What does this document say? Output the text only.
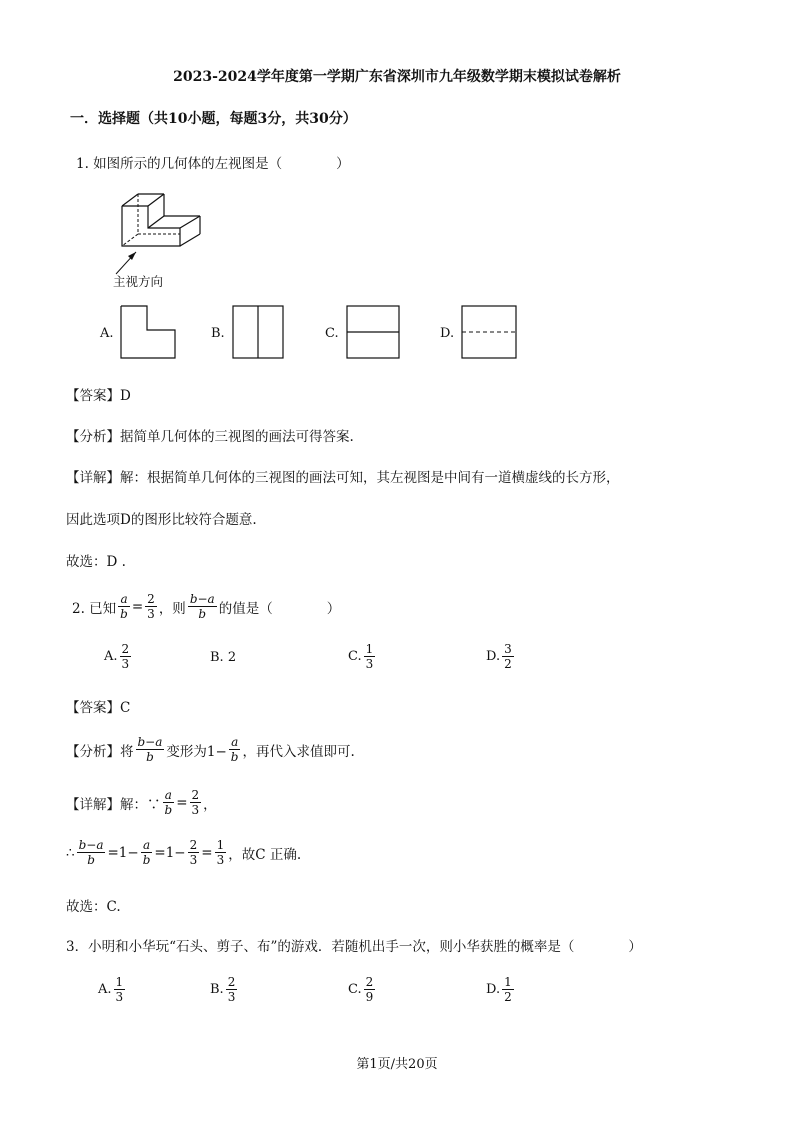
2023-2024学年度第一学期广东省深圳市九年级数学期末模拟试卷解析
一．选择题（共10小题，每题3分，共30分）
1. 如图所示的几何体的左视图是（　　　　）
主视方向
A.	B.	C.	D.
【答案】D
【分析】据简单几何体的三视图的画法可得答案.
【详解】解：根据简单几何体的三视图的画法可知，其左视图是中间有一道横虚线的长方形，
因此选项D的图形比较符合题意.
故选：D .
2. 已知 $\frac{a}{b} = \frac{2}{3}$ ，则 $\frac{b-a}{b}$ 的值是（　　　　）
A. $\frac{2}{3}$	B. 2	C. $\frac{1}{3}$	D. $\frac{3}{2}$
【答案】C
【分析】将 $\frac{b-a}{b}$ 变形为$1- \frac{a}{b}$ ，再代入求值即可.
【详解】解：∵ $\frac{a}{b} = \frac{2}{3}$ ，
∴ $\frac{b-a}{b} =1- \frac{a}{b} =1- \frac{2}{3} = \frac{1}{3}$ ，故C 正确.
故选：C.
3．小明和小华玩“石头、剪子、布”的游戏．若随机出手一次，则小华获胜的概率是（　　　　）
A. $\frac{1}{3}$	B. $\frac{2}{3}$	C. $\frac{2}{9}$	D. $\frac{1}{2}$
第1页/共20页
